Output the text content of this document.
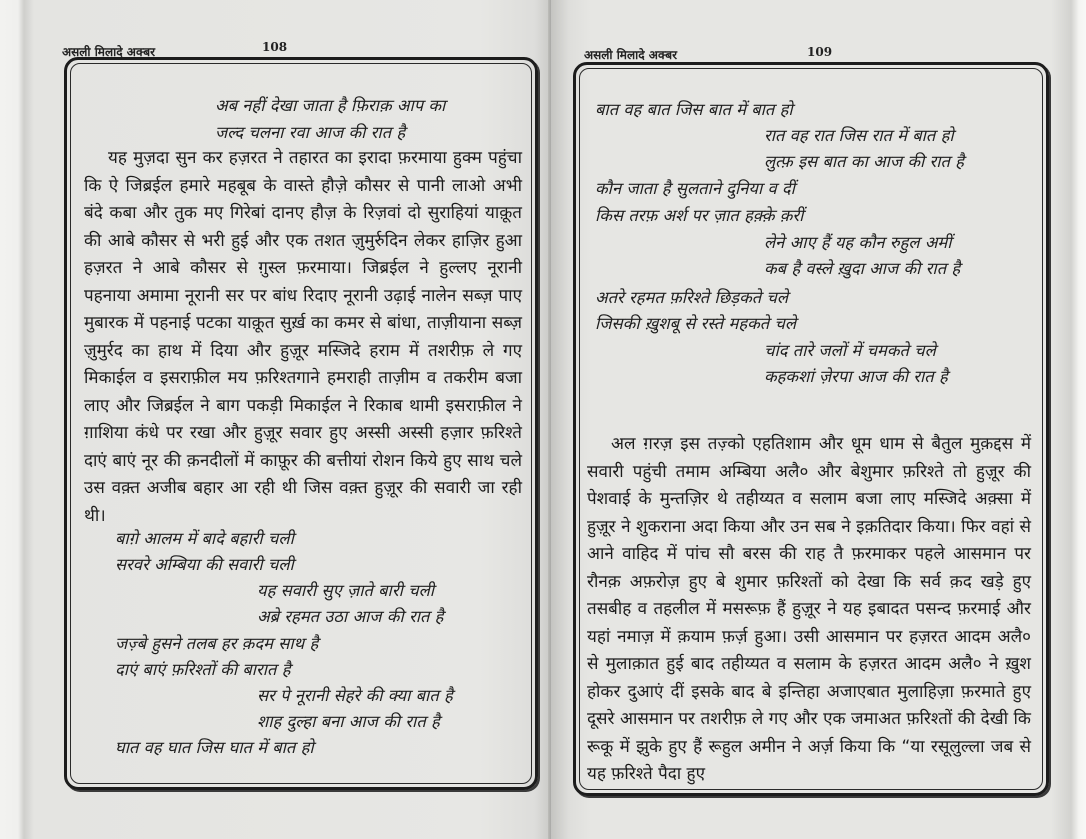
असली मिलादे अक्बर	108
अब नहीं देखा जाता है फ़िराक़ आप का
जल्द चलना रवा आज की रात है

यह मुज़दा सुन कर हज़रत ने तहारत का इरादा फ़रमाया हुक्म पहुंचा कि ऐ जिब्रईल हमारे महबूब के वास्ते हौज़े कौसर से पानी लाओ अभी बंदे कबा और तुक मए गिरेबां दानए हौज़ के रिज़वां दो सुराहियां याक़ूत की आबे कौसर से भरी हुई और एक तशत ज़ुमुर्रुदिन लेकर हाज़िर हुआ हज़रत ने आबे कौसर से ग़ुस्ल फ़रमाया। जिब्रईल ने हुल्लए नूरानी पहनाया अमामा नूरानी सर पर बांध रिदाए नूरानी उढ़ाई नालेन सब्ज़ पाए मुबारक में पहनाई पटका याक़ूत सुर्ख़ का कमर से बांधा, ताज़ीयाना सब्ज़ ज़ुमुर्रद का हाथ में दिया और हुज़ूर मस्जिदे हराम में तशरीफ़ ले गए मिकाईल व इसराफ़ील मय फ़रिश्तगाने हमराही ताज़ीम व तकरीम बजा लाए और जिब्रईल ने बाग पकड़ी मिकाईल ने रिकाब थामी इसराफ़ील ने ग़ाशिया कंधे पर रखा और हुज़ूर सवार हुए अस्सी अस्सी हज़ार फ़रिश्ते दाएं बाएं नूर की क़नदीलों में काफ़ूर की बत्तीयां रोशन किये हुए साथ चले उस वक़्त अजीब बहार आ रही थी जिस वक़्त हुज़ूर की सवारी जा रही थी।

बाग़े आलम में बादे बहारी चली
सरवरे अम्बिया की सवारी चली
यह सवारी सुए ज़ाते बारी चली
अब्रे रहमत उठा आज की रात है
जज़्बे हुसने तलब हर क़दम साथ है
दाएं बाएं फ़रिश्तों की बारात है
सर पे नूरानी सेहरे की क्या बात है
शाह दुल्हा बना आज की रात है
घात वह घात जिस घात में बात हो
असली मिलादे अक्बर	109
बात वह बात जिस बात में बात हो
रात वह रात जिस रात में बात हो
लुत्फ़ इस बात का आज की रात है
कौन जाता है सुलताने दुनिया व दीं
किस तरफ़ अर्श पर ज़ात हक़्क़े क़रीं
लेने आए हैं यह कौन रुहुल अमीं
कब है वस्ले ख़ुदा आज की रात है
अतरे रहमत फ़रिश्ते छिड़कते चले
जिसकी ख़ुशबू से रस्ते महकते चले
चांद तारे जलों में चमकते चले
कहकशां ज़ेरपा आज की रात है

अल ग़रज़ इस तज़्को एहतिशाम और धूम धाम से बैतुल मुक़द्दस में सवारी पहुंची तमाम अम्बिया अलै० और बेशुमार फ़रिश्ते तो हुज़ूर की पेशवाई के मुन्तज़िर थे तहीय्यत व सलाम बजा लाए मस्जिदे अक़्सा में हुज़ूर ने शुकराना अदा किया और उन सब ने इक़तिदार किया। फिर वहां से आने वाहिद में पांच सौ बरस की राह तै फ़रमाकर पहले आसमान पर रौनक़ अफ़रोज़ हुए बे शुमार फ़रिश्तों को देखा कि सर्व क़द खड़े हुए तसबीह व तहलील में मसरूफ़ हैं हुज़ूर ने यह इबादत पसन्द फ़रमाई और यहां नमाज़ में क़याम फ़र्ज़ हुआ। उसी आसमान पर हज़रत आदम अलै० से मुलाक़ात हुई बाद तहीय्यत व सलाम के हज़रत आदम अलै० ने ख़ुश होकर दुआएं दीं इसके बाद बे इन्तिहा अजाएबात मुलाहिज़ा फ़रमाते हुए दूसरे आसमान पर तशरीफ़ ले गए और एक जमाअत फ़रिश्तों की देखी कि रूकू में झुके हुए हैं रूहुल अमीन ने अर्ज़ किया कि “या रसूलुल्ला जब से यह फ़रिश्ते पैदा हुए
